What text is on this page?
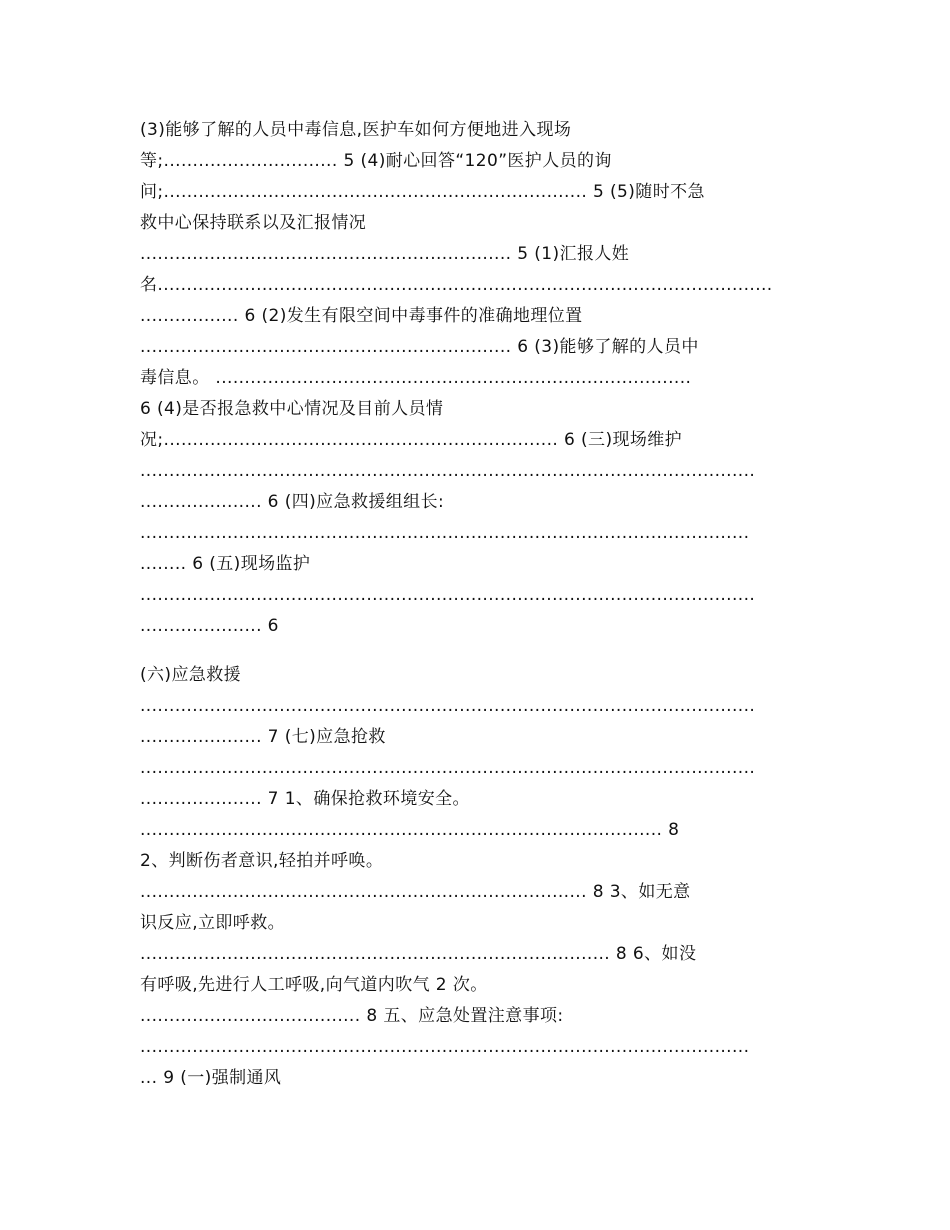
(3)能够了解的人员中毒信息,医护车如何方便地进入现场
等;.............................. 5 (4)耐心回答“120”医护人员的询
问;......................................................................... 5 (5)随时不急
救中心保持联系以及汇报情况
................................................................ 5 (1)汇报人姓
名..........................................................................................................
................. 6 (2)发生有限空间中毒事件的准确地理位置
................................................................ 6 (3)能够了解的人员中
毒信息。 ..................................................................................
6 (4)是否报急救中心情况及目前人员情
况;.................................................................... 6 (三)现场维护
..........................................................................................................
..................... 6 (四)应急救援组组长:
.........................................................................................................
........ 6 (五)现场监护
..........................................................................................................
..................... 6
(六)应急救援
..........................................................................................................
..................... 7 (七)应急抢救
..........................................................................................................
..................... 7 1、确保抢救环境安全。
.......................................................................................... 8
2、判断伤者意识,轻拍并呼唤。
............................................................................. 8 3、如无意
识反应,立即呼救。
................................................................................. 8 6、如没
有呼吸,先进行人工呼吸,向气道内吹气 2 次。
...................................... 8 五、应急处置注意事项:
.........................................................................................................
... 9 (一)强制通风
